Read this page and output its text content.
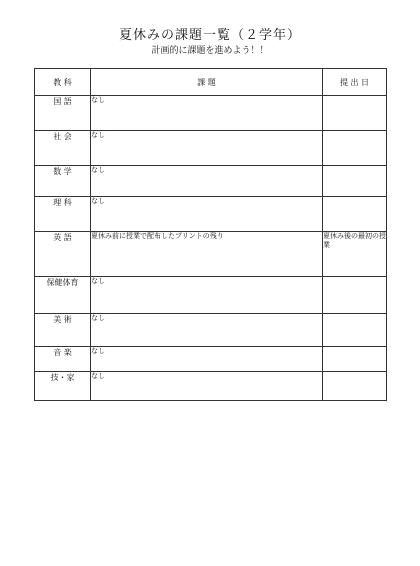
夏休みの課題一覧（２学年）
計画的に課題を進めよう！！
教 科	課 題	提 出 日
国 語	なし	
社 会	なし	
数 学	なし	
理 科	なし	
英 語	夏休み前に授業で配布したプリントの残り	夏休み後の最初の授業
保健体育	なし	
美 術	なし	
音 楽	なし	
技・家	なし	
